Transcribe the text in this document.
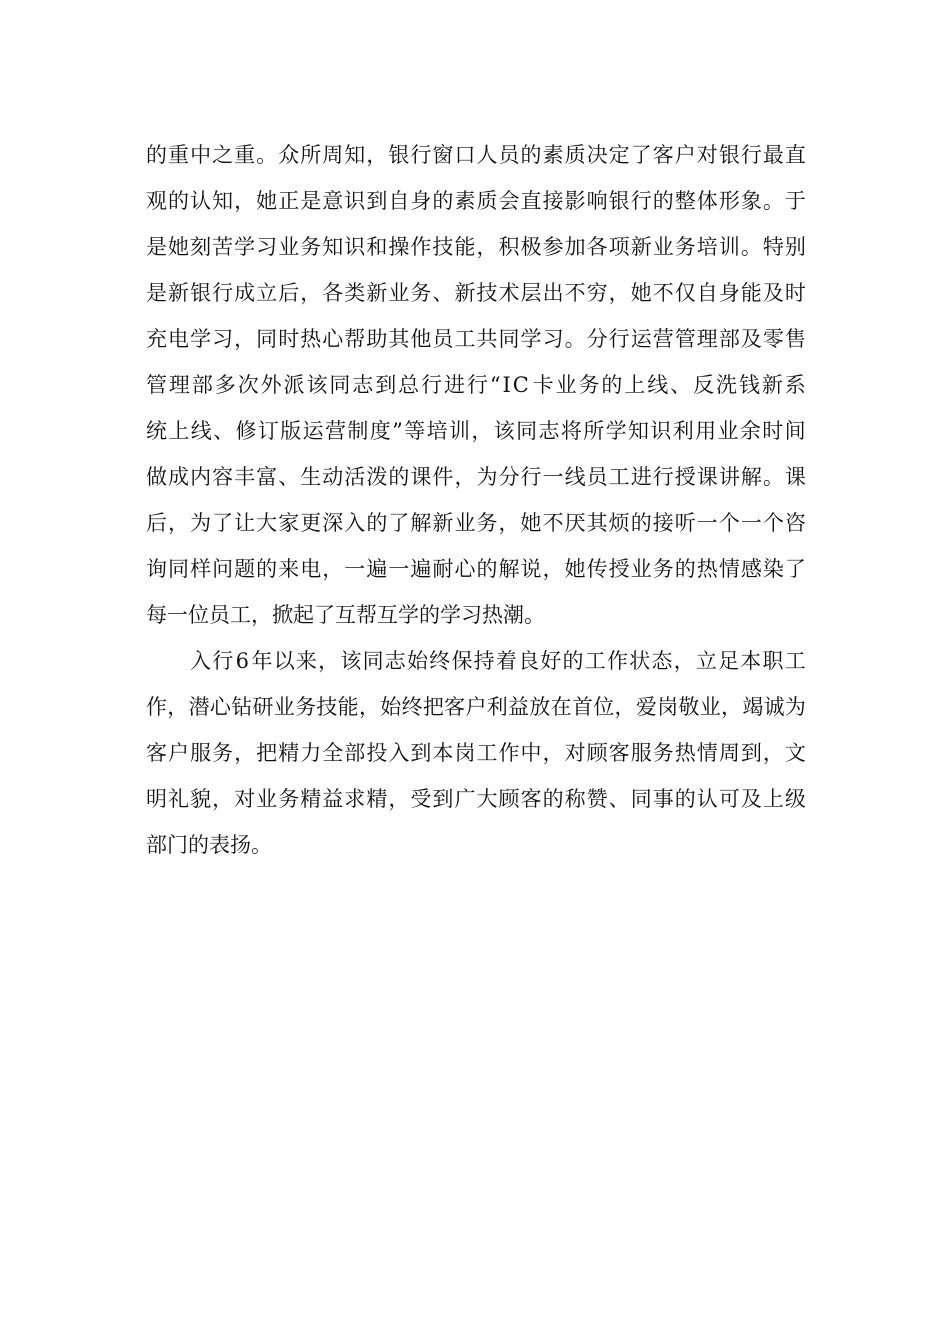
的 重 中 之 重 。 众 所 周 知 ， 银 行 窗 口 人 员 的 素 质 决 定 了 客 户 对 银 行 最 直
观 的 认 知 ， 她 正 是 意 识 到 自 身 的 素 质 会 直 接 影 响 银 行 的 整 体 形 象 。 于
是 她 刻 苦 学 习 业 务 知 识 和 操 作 技 能 ， 积 极 参 加 各 项 新 业 务 培 训 。 特 别
是 新 银 行 成 立 后 ， 各 类 新 业 务 、 新 技 术 层 出 不 穷 ， 她 不 仅 自 身 能 及 时
充 电 学 习 ， 同 时 热 心 帮 助 其 他 员 工 共 同 学 习 。 分 行 运 营 管 理 部 及 零 售
管 理 部 多 次 外 派 该 同 志 到 总 行 进 行 “ I C 卡 业 务 的 上 线 、 反 洗 钱 新 系
统 上 线 、 修 订 版 运 营 制 度 ” 等 培 训 ， 该 同 志 将 所 学 知 识 利 用 业 余 时 间
做 成 内 容 丰 富 、 生 动 活 泼 的 课 件 ， 为 分 行 一 线 员 工 进 行 授 课 讲 解 。 课
后 ， 为 了 让 大 家 更 深 入 的 了 解 新 业 务 ， 她 不 厌 其 烦 的 接 听 一 个 一 个 咨
询 同 样 问 题 的 来 电 ， 一 遍 一 遍 耐 心 的 解 说 ， 她 传 授 业 务 的 热 情 感 染 了
每一位员工，掀起了互帮互学的学习热潮。
入 行 6 年 以 来 ， 该 同 志 始 终 保 持 着 良 好 的 工 作 状 态 ， 立 足 本 职 工
作 ， 潜 心 钻 研 业 务 技 能 ， 始 终 把 客 户 利 益 放 在 首 位 ， 爱 岗 敬 业 ， 竭 诚 为
客 户 服 务 ， 把 精 力 全 部 投 入 到 本 岗 工 作 中 ， 对 顾 客 服 务 热 情 周 到 ， 文
明 礼 貌 ， 对 业 务 精 益 求 精 ， 受 到 广 大 顾 客 的 称 赞 、 同 事 的 认 可 及 上 级
部门的表扬。
